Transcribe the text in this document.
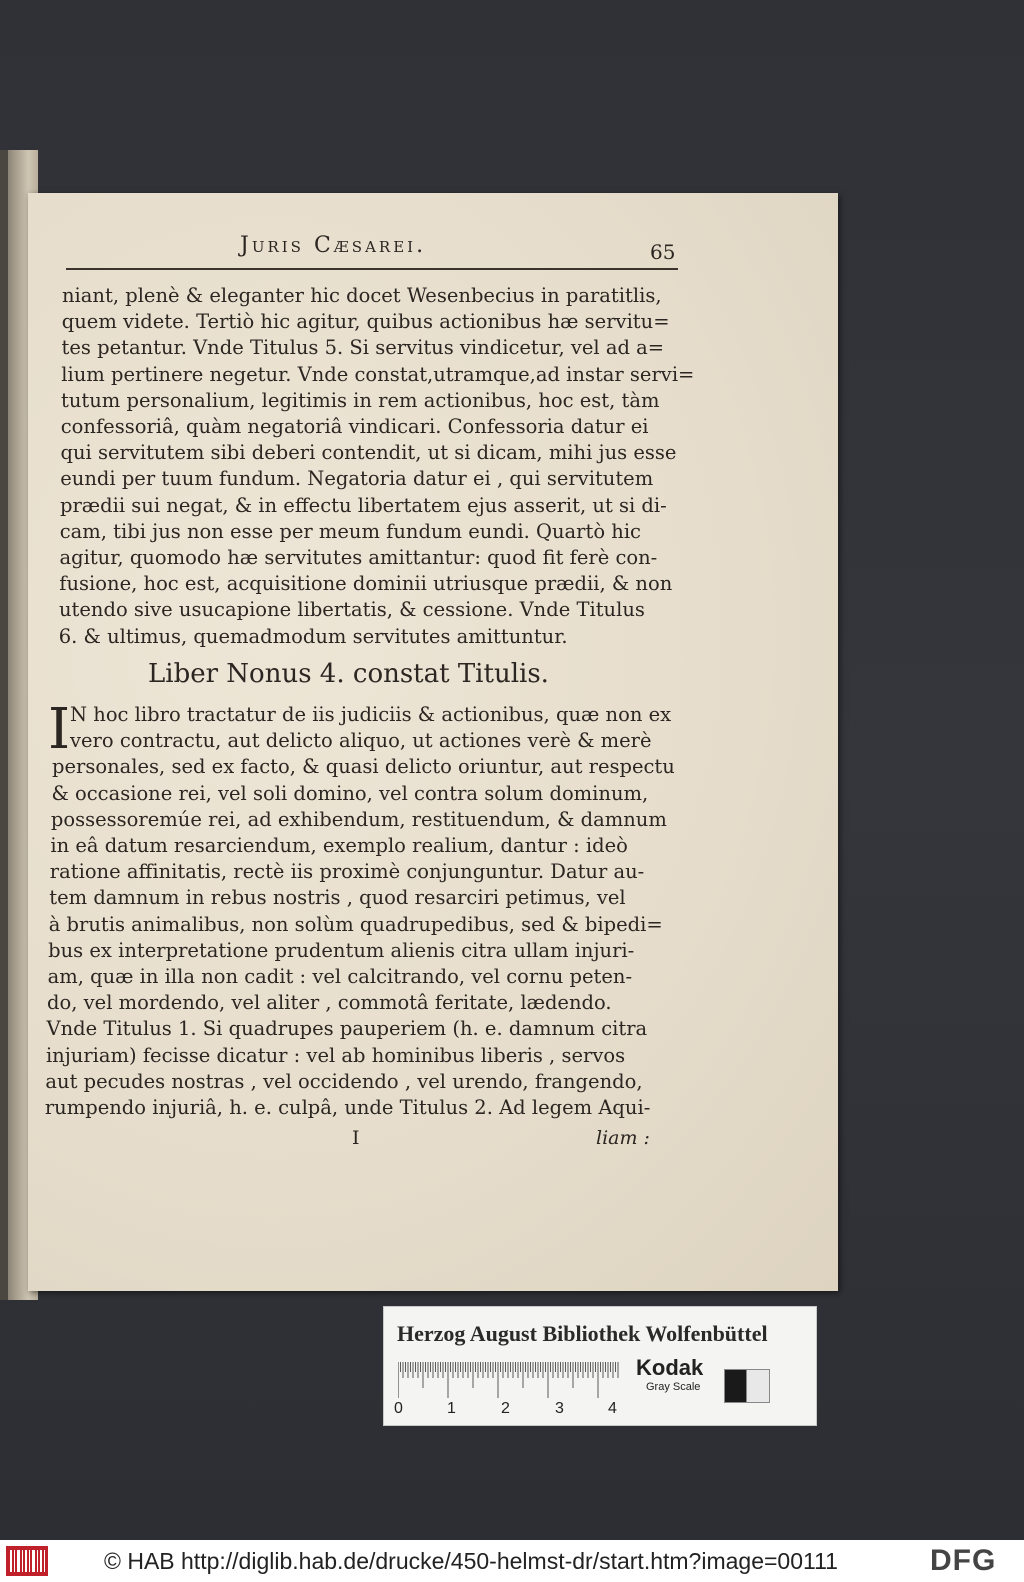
Juris Cæsarei.	65
niant, plenè & eleganter hic docet Wesenbecius in paratitlis,
quem videte. Tertiò hic agitur, quibus actionibus hæ servitu=
tes petantur. Vnde Titulus 5. Si servitus vindicetur, vel ad a=
lium pertinere negetur. Vnde constat,utramque,ad instar servi=
tutum personalium, legitimis in rem actionibus, hoc est, tàm
confessoriâ, quàm negatoriâ vindicari. Confessoria datur ei
qui servitutem sibi deberi contendit, ut si dicam, mihi jus esse
eundi per tuum fundum. Negatoria datur ei , qui servitutem
prædii sui negat, & in effectu libertatem ejus asserit, ut si di-
cam, tibi jus non esse per meum fundum eundi. Quartò hic
agitur, quomodo hæ servitutes amittantur: quod fit ferè con-
fusione, hoc est, acquisitione dominii utriusque prædii, & non
utendo sive usucapione libertatis, & cessione. Vnde Titulus
6. & ultimus, quemadmodum servitutes amittuntur.
Liber Nonus 4. constat Titulis.
I N hoc libro tractatur de iis judiciis & actionibus, quæ non ex
vero contractu, aut delicto aliquo, ut actiones verè & merè
personales, sed ex facto, & quasi delicto oriuntur, aut respectu
& occasione rei, vel soli domino, vel contra solum dominum,
possessoremúe rei, ad exhibendum, restituendum, & damnum
in eâ datum resarciendum, exemplo realium, dantur : ideò
ratione affinitatis, rectè iis proximè conjunguntur. Datur au-
tem damnum in rebus nostris , quod resarciri petimus, vel
à brutis animalibus, non solùm quadrupedibus, sed & bipedi=
bus ex interpretatione prudentum alienis citra ullam injuri-
am, quæ in illa non cadit : vel calcitrando, vel cornu peten-
do, vel mordendo, vel aliter , commotâ feritate, lædendo.
Vnde Titulus 1. Si quadrupes pauperiem (h. e. damnum citra
injuriam) fecisse dicatur : vel ab hominibus liberis , servos
aut pecudes nostras , vel occidendo , vel urendo, frangendo,
rumpendo injuriâ, h. e. culpâ, unde Titulus 2. Ad legem Aqui-
I	liam :
Herzog August Bibliothek Wolfenbüttel
0	1	2	3	4
Kodak
Gray Scale
© HAB http://diglib.hab.de/drucke/450-helmst-dr/start.htm?image=00111	DFG
